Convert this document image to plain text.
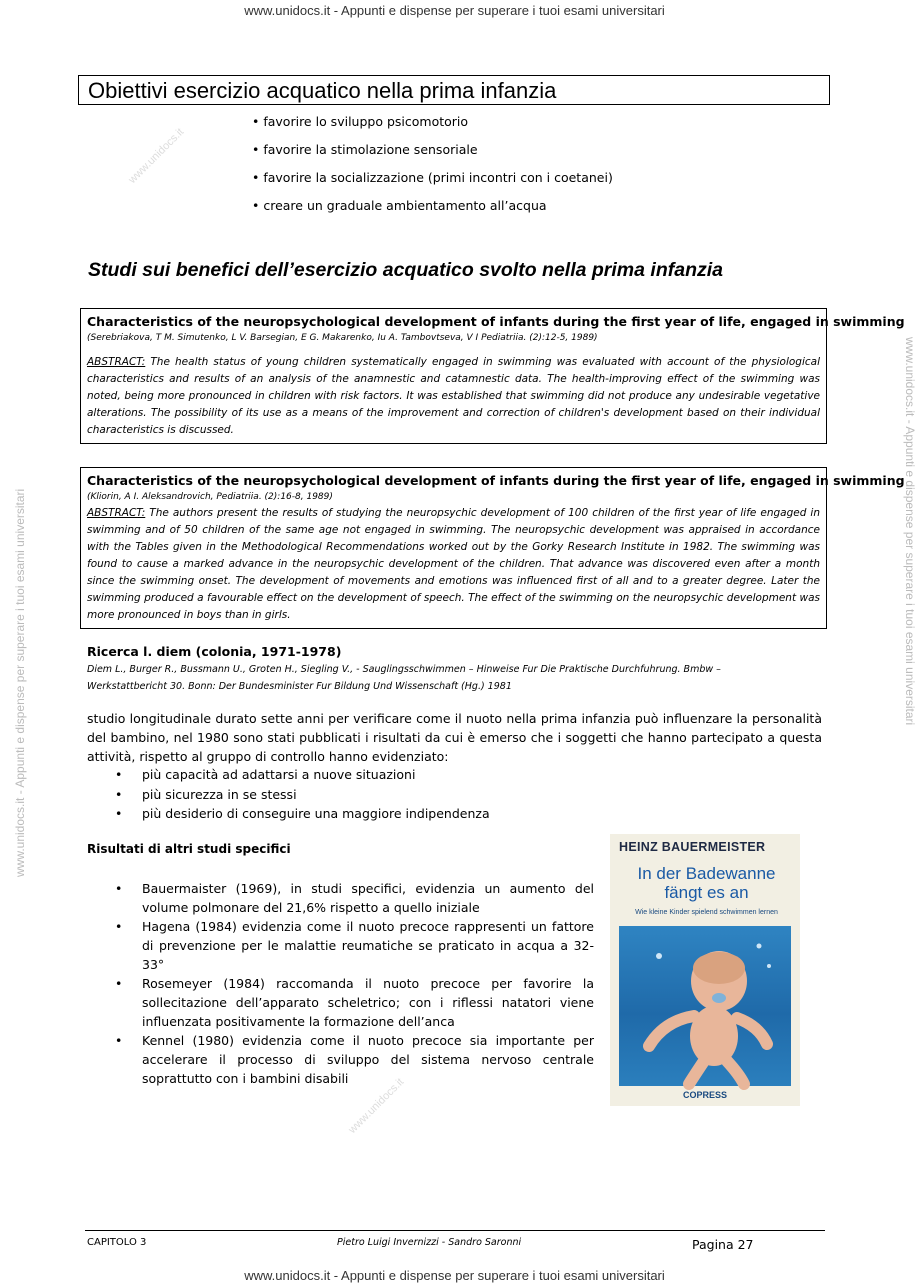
www.unidocs.it - Appunti e dispense per superare i tuoi esami universitari
www.unidocs.it - Appunti e dispense per superare i tuoi esami universitari	www.unidocs.it - Appunti e dispense per superare i tuoi esami universitari
www.unidocs.it
www.unidocs.it
Obiettivi esercizio acquatico nella prima infanzia
• favorire lo sviluppo psicomotorio
• favorire la stimolazione sensoriale
• favorire la socializzazione (primi incontri con i coetanei)
• creare un graduale ambientamento all’acqua
Studi sui benefici dell’esercizio acquatico svolto nella prima infanzia
Characteristics of the neuropsychological development of infants during the first year of life, engaged in swimming
(Serebriakova, T M. Simutenko, L V. Barsegian, E G. Makarenko, Iu A. Tambovtseva, V I Pediatriia. (2):12-5, 1989)
ABSTRACT: The health status of young children systematically engaged in swimming was evaluated with account of the physiological characteristics and results of an analysis of the anamnestic and catamnestic data. The health-improving effect of the swimming was noted, being more pronounced in children with risk factors. It was established that swimming did not produce any undesirable vegetative alterations. The possibility of its use as a means of the improvement and correction of children's development based on their individual characteristics is discussed.
Characteristics of the neuropsychological development of infants during the first year of life, engaged in swimming
(Kliorin, A I. Aleksandrovich, Pediatriia. (2):16-8, 1989)
ABSTRACT: The authors present the results of studying the neuropsychic development of 100 children of the first year of life engaged in swimming and of 50 children of the same age not engaged in swimming. The neuropsychic development was appraised in accordance with the Tables given in the Methodological Recommendations worked out by the Gorky Research Institute in 1982. The swimming was found to cause a marked advance in the neuropsychic development of the children. That advance was discovered even after a month since the swimming onset. The development of movements and emotions was influenced first of all and to a greater degree. Later the swimming produced a favourable effect on the development of speech. The effect of the swimming on the neuropsychic development was more pronounced in boys than in girls.
Ricerca l. diem (colonia, 1971-1978)
Diem L., Burger R., Bussmann U., Groten H., Siegling V., - Sauglingsschwimmen – Hinweise Fur Die Praktische Durchfuhrung. Bmbw –
Werkstattbericht 30. Bonn: Der Bundesminister Fur Bildung Und Wissenschaft (Hg.) 1981

studio longitudinale durato sette anni per verificare come il nuoto nella prima infanzia può influenzare la personalità del bambino, nel 1980 sono stati pubblicati i risultati da cui è emerso che i soggetti che hanno partecipato a questa attività, rispetto al gruppo di controllo hanno evidenziato:

• più capacità ad adattarsi a nuove situazioni
• più sicurezza in se stessi
• più desiderio di conseguire una maggiore indipendenza
Risultati di altri studi specifici
• Bauermaister (1969), in studi specifici, evidenzia un aumento del volume polmonare del 21,6% rispetto a quello iniziale
• Hagena (1984) evidenzia come il nuoto precoce rappresenti un fattore di prevenzione per le malattie reumatiche se praticato in acqua a 32-33°
• Rosemeyer (1984) raccomanda il nuoto precoce per favorire la sollecitazione dell’apparato scheletrico; con i riflessi natatori viene influenzata positivamente la formazione dell’anca
• Kennel (1980) evidenzia come il nuoto precoce sia importante per accelerare il processo di sviluppo del sistema nervoso centrale soprattutto con i bambini disabili
HEINZ BAUERMEISTER
In der Badewanne
fängt es an
Wie kleine Kinder spielend schwimmen lernen
COPRESS
CAPITOLO 3	Pietro Luigi Invernizzi - Sandro Saronni	Pagina 27
www.unidocs.it - Appunti e dispense per superare i tuoi esami universitari
